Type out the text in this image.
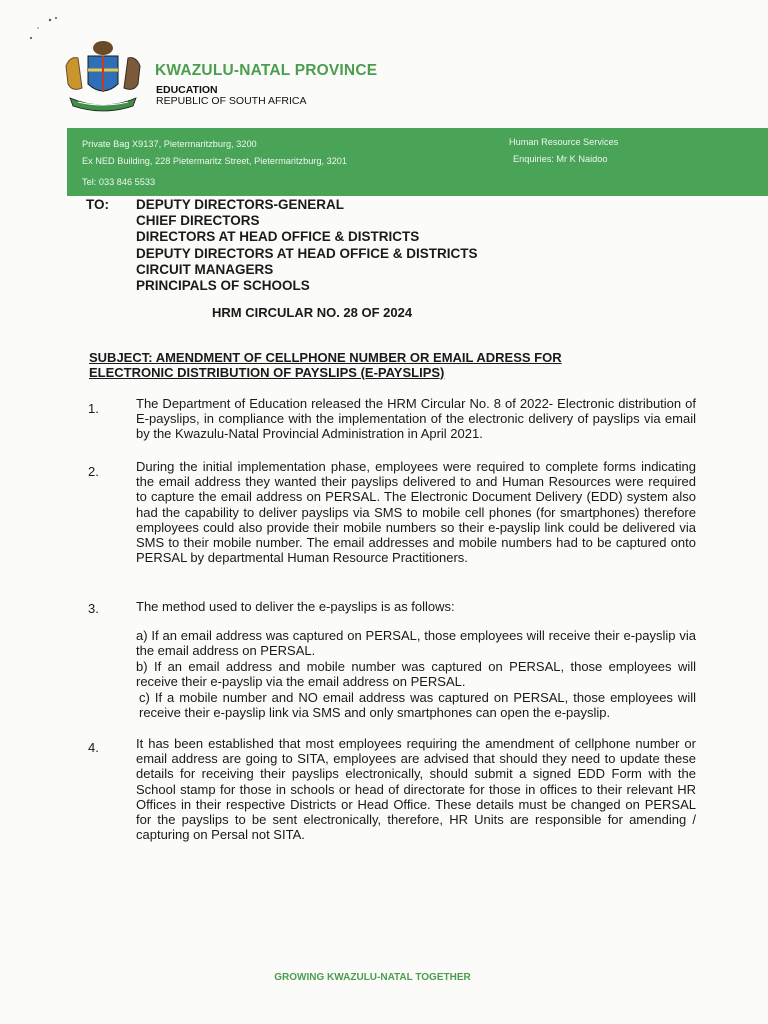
KWAZULU-NATAL PROVINCE
EDUCATION
REPUBLIC OF SOUTH AFRICA
Private Bag X9137, Pietermaritzburg, 3200
Ex NED Building, 228 Pietermaritz Street, Pietermaritzburg, 3201
Tel: 033 846 5533
Human Resource Services
Enquiries: Mr K Naidoo
TO: DEPUTY DIRECTORS-GENERAL
CHIEF DIRECTORS
DIRECTORS AT HEAD OFFICE & DISTRICTS
DEPUTY DIRECTORS AT HEAD OFFICE & DISTRICTS
CIRCUIT MANAGERS
PRINCIPALS OF SCHOOLS
HRM CIRCULAR NO. 28 OF 2024
SUBJECT: AMENDMENT OF CELLPHONE NUMBER OR EMAIL ADRESS FOR
ELECTRONIC DISTRIBUTION OF PAYSLIPS (E-PAYSLIPS)
1.	The Department of Education released the HRM Circular No. 8 of 2022- Electronic distribution of E-payslips, in compliance with the implementation of the electronic delivery of payslips via email by the Kwazulu-Natal Provincial Administration in April 2021.
2.	During the initial implementation phase, employees were required to complete forms indicating the email address they wanted their payslips delivered to and Human Resources were required to capture the email address on PERSAL. The Electronic Document Delivery (EDD) system also had the capability to deliver payslips via SMS to mobile cell phones (for smartphones) therefore employees could also provide their mobile numbers so their e-payslip link could be delivered via SMS to their mobile number. The email addresses and mobile numbers had to be captured onto PERSAL by departmental Human Resource Practitioners.
3.	The method used to deliver the e-payslips is as follows:
a) If an email address was captured on PERSAL, those employees will receive their e-payslip via the email address on PERSAL.
b) If an email address and mobile number was captured on PERSAL, those employees will receive their e-payslip via the email address on PERSAL.
c) If a mobile number and NO email address was captured on PERSAL, those employees will receive their e-payslip link via SMS and only smartphones can open the e-payslip.
4.	It has been established that most employees requiring the amendment of cellphone number or email address are going to SITA, employees are advised that should they need to update these details for receiving their payslips electronically, should submit a signed EDD Form with the School stamp for those in schools or head of directorate for those in offices to their relevant HR Offices in their respective Districts or Head Office. These details must be changed on PERSAL for the payslips to be sent electronically, therefore, HR Units are responsible for amending / capturing on Persal not SITA.
GROWING KWAZULU-NATAL TOGETHER
